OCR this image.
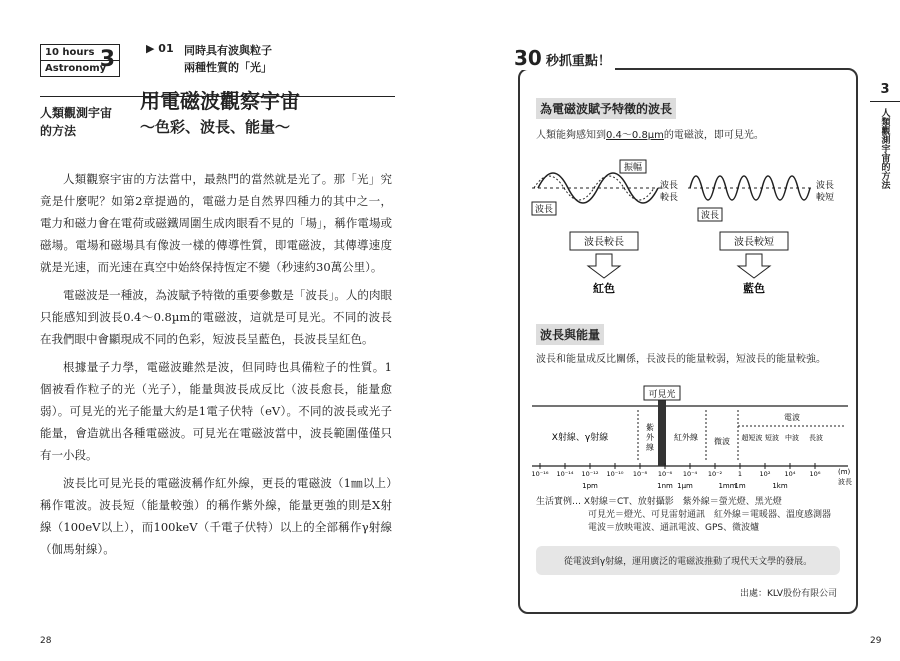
10 hours
Astronomy
3
人類觀測宇宙
的方法
▶ 01 同時具有波與粒子
兩種性質的「光」
用電磁波觀察宇宙
〜色彩、波長、能量〜

人類觀察宇宙的方法當中，最熱門的當然就是光了。那「光」究竟是什麼呢？如第2章提過的，電磁力是自然界四種力的其中之一，電力和磁力會在電荷或磁鐵周圍生成肉眼看不見的「場」，稱作電場或磁場。電場和磁場具有像波一樣的傳導性質，即電磁波，其傳導速度就是光速，而光速在真空中始終保持恆定不變（秒速約30萬公里）。

電磁波是一種波，為波賦予特徵的重要參數是「波長」。人的肉眼只能感知到波長0.4〜0.8µm的電磁波，這就是可見光。不同的波長在我們眼中會顯現成不同的色彩，短波長呈藍色，長波長呈紅色。

根據量子力學，電磁波雖然是波，但同時也具備粒子的性質。1個被看作粒子的光（光子），能量與波長成反比（波長愈長，能量愈弱）。可見光的光子能量大約是1電子伏特（eV）。不同的波長或光子能量，會造就出各種電磁波。可見光在電磁波當中，波長範圍僅僅只有一小段。

波長比可見光長的電磁波稱作紅外線，更長的電磁波（1㎜以上）稱作電波。波長短（能量較強）的稱作紫外線，能量更強的則是X射線（100eV以上），而100keV（千電子伏特）以上的全部稱作γ射線（伽馬射線）。

28
30 秒抓重點！
3
人類觀測宇宙的方法
為電磁波賦予特徵的波長
人類能夠感知到0.4〜0.8µm的電磁波，即可見光。
振幅
波長
波長
較長
波長
波長
較短
波長較長	波長較短
紅色	藍色
可見光
X射線、γ射線
紫
外
線
紅外線 微波
電波
超短波 短波 中波 長波
10⁻¹⁶ 10⁻¹⁴ 10⁻¹² 10⁻¹⁰ 10⁻⁸ 10⁻⁶ 10⁻⁴ 10⁻² 1	10² 10⁴ 10⁶
1pm	1nm 1µm	1mm
1m	1km
(m)
波長
波長與能量
波長和能量成反比關係，長波長的能量較弱，短波長的能量較強。
生活實例… X射線＝CT、放射攝影　紫外線＝螢光燈、黑光燈
可見光＝燈光、可見雷射通訊　紅外線＝電暖器、溫度感測器
電波＝放映電波、通訊電波、GPS、微波爐
從電波到γ射線，運用廣泛的電磁波推動了現代天文學的發展。
出處：KLV股份有限公司
29
